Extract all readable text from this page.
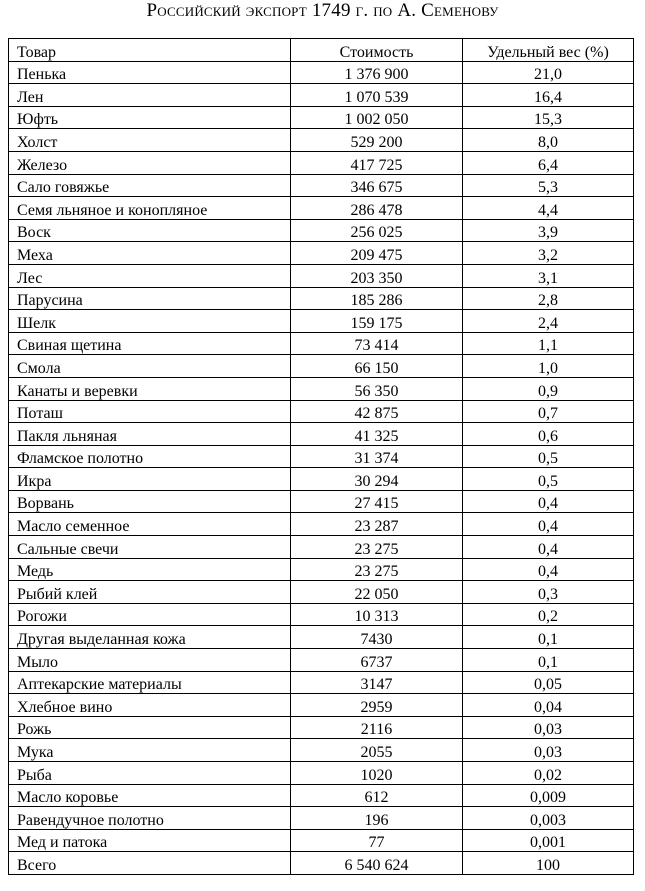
Российский экспорт 1749 г. по А. Семенову
Товар	Стоимость	Удельный вес (%)
Пенька	1 376 900	21,0
Лен	1 070 539	16,4
Юфть	1 002 050	15,3
Холст	529 200	8,0
Железо	417 725	6,4
Сало говяжье	346 675	5,3
Семя льняное и конопляное	286 478	4,4
Воск	256 025	3,9
Меха	209 475	3,2
Лес	203 350	3,1
Парусина	185 286	2,8
Шелк	159 175	2,4
Свиная щетина	73 414	1,1
Смола	66 150	1,0
Канаты и веревки	56 350	0,9
Поташ	42 875	0,7
Пакля льняная	41 325	0,6
Фламское полотно	31 374	0,5
Икра	30 294	0,5
Ворвань	27 415	0,4
Масло семенное	23 287	0,4
Сальные свечи	23 275	0,4
Медь	23 275	0,4
Рыбий клей	22 050	0,3
Рогожи	10 313	0,2
Другая выделанная кожа	7430	0,1
Мыло	6737	0,1
Аптекарские материалы	3147	0,05
Хлебное вино	2959	0,04
Рожь	2116	0,03
Мука	2055	0,03
Рыба	1020	0,02
Масло коровье	612	0,009
Равендучное полотно	196	0,003
Мед и патока	77	0,001
Всего	6 540 624	100
